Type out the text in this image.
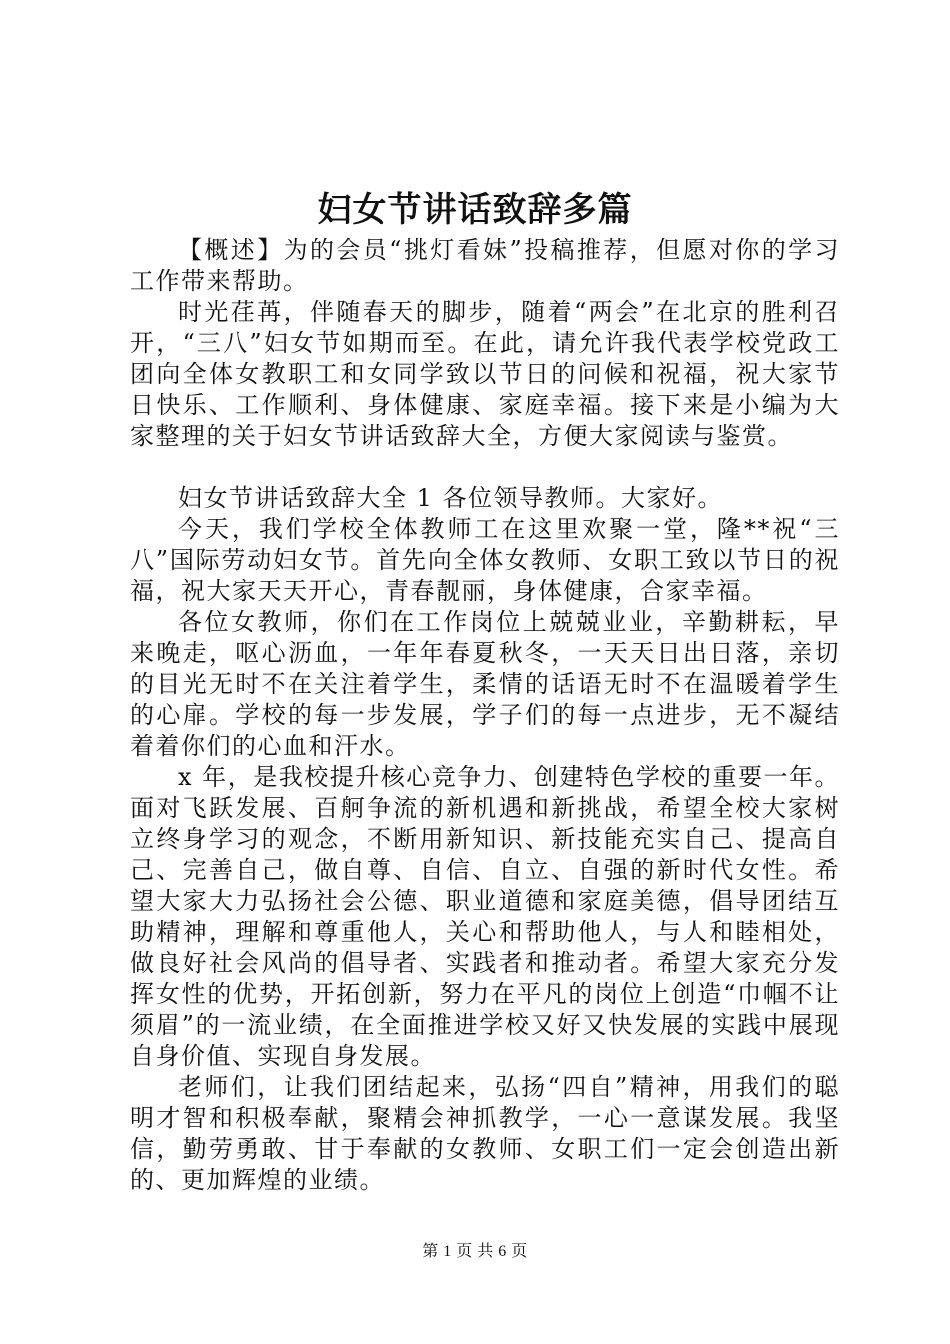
妇女节讲话致辞多篇

【概述】为的会员“挑灯看妹”投稿推荐，但愿对你的学习工作带来帮助。

时光荏苒，伴随春天的脚步，随着“两会”在北京的胜利召开，“三八”妇女节如期而至。在此，请允许我代表学校党政工团向全体女教职工和女同学致以节日的问候和祝福，祝大家节日快乐、工作顺利、身体健康、家庭幸福。接下来是小编为大家整理的关于妇女节讲话致辞大全，方便大家阅读与鉴赏。

妇女节讲话致辞大全 1 各位领导教师。大家好。

今天，我们学校全体教师工在这里欢聚一堂，隆**祝“三八”国际劳动妇女节。首先向全体女教师、女职工致以节日的祝福，祝大家天天开心，青春靓丽，身体健康，合家幸福。

各位女教师，你们在工作岗位上兢兢业业，辛勤耕耘，早来晚走，呕心沥血，一年年春夏秋冬，一天天日出日落，亲切的目光无时不在关注着学生，柔情的话语无时不在温暖着学生的心扉。学校的每一步发展，学子们的每一点进步，无不凝结着着你们的心血和汗水。

x 年，是我校提升核心竞争力、创建特色学校的重要一年。面对飞跃发展、百舸争流的新机遇和新挑战，希望全校大家树立终身学习的观念，不断用新知识、新技能充实自己、提高自己、完善自己，做自尊、自信、自立、自强的新时代女性。希望大家大力弘扬社会公德、职业道德和家庭美德，倡导团结互助精神，理解和尊重他人，关心和帮助他人，与人和睦相处，做良好社会风尚的倡导者、实践者和推动者。希望大家充分发挥女性的优势，开拓创新，努力在平凡的岗位上创造“巾帼不让须眉”的一流业绩，在全面推进学校又好又快发展的实践中展现自身价值、实现自身发展。

老师们，让我们团结起来，弘扬“四自”精神，用我们的聪明才智和积极奉献，聚精会神抓教学，一心一意谋发展。我坚信，勤劳勇敢、甘于奉献的女教师、女职工们一定会创造出新的、更加辉煌的业绩。

第 1 页 共 6 页
